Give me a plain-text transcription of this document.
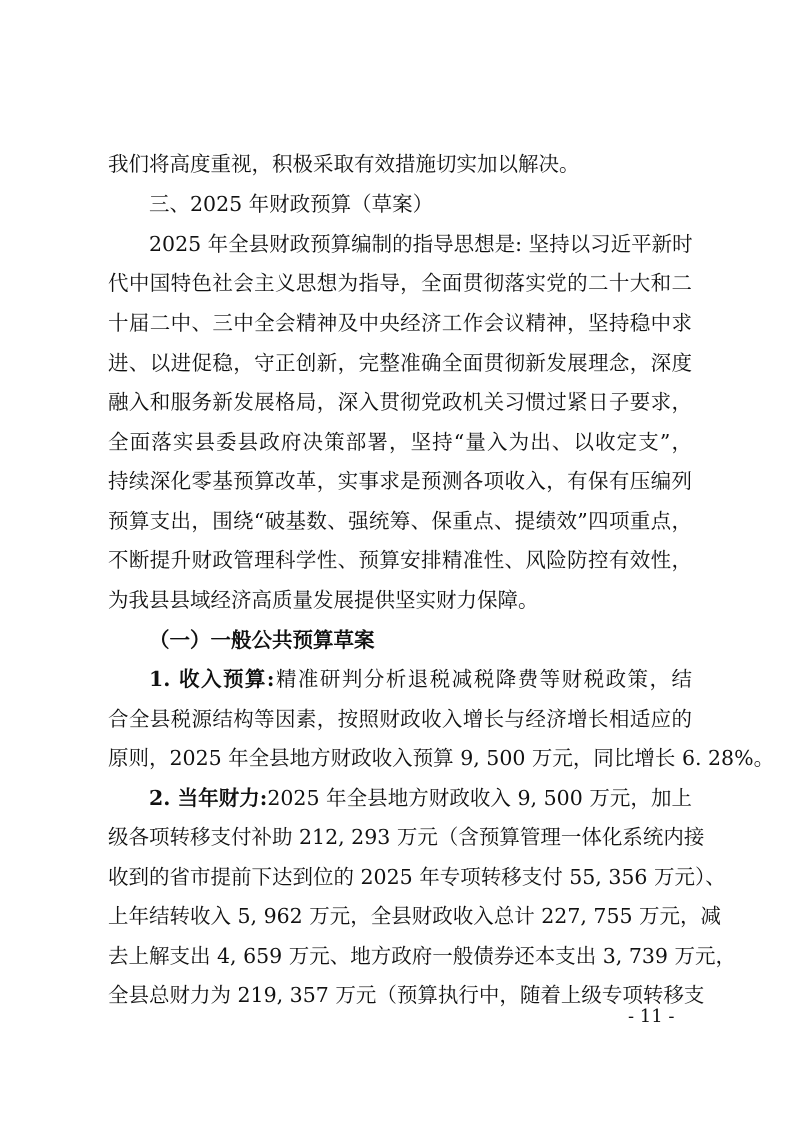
我们将高度重视，积极采取有效措施切实加以解决。
三、2025 年财政预算（草案）
2025 年全县财政预算编制的指导思想是: 坚持以习近平新时
代中国特色社会主义思想为指导，全面贯彻落实党的二十大和二
十届二中、三中全会精神及中央经济工作会议精神，坚持稳中求
进、以进促稳，守正创新，完整准确全面贯彻新发展理念，深度
融入和服务新发展格局，深入贯彻党政机关习惯过紧日子要求，
全面落实县委县政府决策部署，坚持“量入为出、以收定支”，
持续深化零基预算改革，实事求是预测各项收入，有保有压编列
预算支出，围绕“破基数、强统筹、保重点、提绩效”四项重点，
不断提升财政管理科学性、预算安排精准性、风险防控有效性，
为我县县域经济高质量发展提供坚实财力保障。
（一）一般公共预算草案
1. 收入预算:精准研判分析退税减税降费等财税政策，结
合全县税源结构等因素，按照财政收入增长与经济增长相适应的
原则，2025 年全县地方财政收入预算 9, 500 万元，同比增长 6. 28%。
2. 当年财力:2025 年全县地方财政收入 9, 500 万元，加上
级各项转移支付补助 212, 293 万元（含预算管理一体化系统内接
收到的省市提前下达到位的 2025 年专项转移支付 55, 356 万元）、
上年结转收入 5, 962 万元，全县财政收入总计 227, 755 万元，减
去上解支出 4, 659 万元、地方政府一般债券还本支出 3, 739 万元，
全县总财力为 219, 357 万元（预算执行中，随着上级专项转移支
- 11 -
